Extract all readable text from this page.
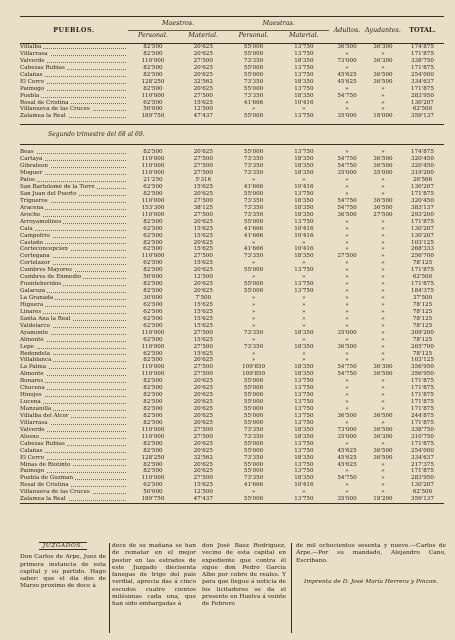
PUEBLOS.
Maestros.
Personal.	Material.
Maestras.
Personal.	Material.
Adultos. Ayudantes.	TOTAL.
Villalba	82'500	20'625	55'000	13'750	36'500	36'300	174'875
Villarrasa	82'500	20'625	55'000	13'750	»	»	171'875
Valverde	110'000	27'500	73'350	18'350	73'000	36'300	338'750
Cabezas Rubias	82'500	20'625	55'000	13'750	»	»	171'875
Calañas	82'500	20'625	55'000	13'750	45'625	36'500	254'000
El Cerro	128'250	32'562	73'350	18'350	45'625	36'500	334'637
Paimogo	82'500	20'625	55'000	13'750	»	»	171'875
Puebla	110'000	27'500	73'350	18'350	54'750	»	283'950
Rosal de Cristina	62'500	15'625	41'666	10'416	»	»	130'207
Villanueva de las Cruces	50'000	12'500	»	»	»	»	62'500
Zalamea la Real	189'750	47'437	55'000	13'750	35'000	18'000	359'137
Segundo trimestre del 68 al 69.
Beas	82'500	20'625	55'000	13'750	»	»	174'875
Cartaya	110'000	27'500	73'350	18'350	54'750	36'500	320'450
Gibraleon	110'000	27'500	73'350	18'350	54'750	36'500	320'450
Moguer	110'000	27'500	73'350	18'350	35'000	35'000	319'200
Palos	21'250	5'316	»	»	»	»	26'566
San Bartolomé de la Torre	62'500	15'625	41'666	10'416	»	»	130'207
San Juan del Puerto	82'500	20'625	55'000	13'750	»	»	171'875
Trigueros	110'000	27'500	73'350	18'350	54'750	36'500	320'450
Aracena	153'300	38'125	73'350	18'350	54'750	36'500	383'137
Aroche	110'000	27'500	73'350	18'350	36'500	27'500	293'200
Arroyamolinos	82'500	20'625	55'000	13'750	»	»	171'875
Cala	62'500	15'625	41'666	10'416	»	»	130'207
Campofrio	62'500	15'625	41'666	10'416	»	»	130'207
Castaño	82'500	20'625	»	»	»	»	103'125
Corteconcepcion	62'500	15'625	41'666	10'416	»	»	268'333
Cortegana	110'000	27'500	73'350	18'350	27'500	»	256'700
Cortelazor	62'500	15'625	»	»	»	»	78'125
Cumbres Mayores	82'500	20'625	55'000	13'750	»	»	171'875
Cumbres de Enmedio	50'000	12'500	»	»	»	»	62'500
Fuenteheridos	82'500	20'625	55'000	13'750	»	»	171'875
Galaroza	82'500	20'625	55'000	13'750	»	»	184'375
La Granada	30'000	7'500	»	»	»	»	37'500
Higuera	62'500	15'625	»	»	»	»	78'125
Linares	62'500	15'625	»	»	»	»	78'125
Santa Ana la Real	62'500	15'625	»	»	»	»	78'125
Valdelarco	62'500	15'625	»	»	»	»	78'125
Ayamonte	110'000	27'500	73'350	18'350	35'000	»	309'200
Almonte	62'500	15'625	»	»	»	»	78'125
Lepe	110'000	27'500	73'350	18'350	36'500	»	265'700
Redondela	62'500	15'625	»	»	»	»	78'125
Villablanca	82'500	20'625	»	»	»	»	103'125
La Palma	110'000	27'500	109'850	18'350	54'750	36'300	356'950
Almonte	110'000	27'500	109'850	18'350	54'750	36'500	356'950
Bonares	82'500	20'625	55'000	13'750	»	»	171'875
Chucena	82'500	20'625	55'000	13'750	»	»	171'875
Hinojos	82'500	20'625	55'000	13'750	»	»	171'875
Lucena	82'500	20'625	55'000	13'750	»	»	171'875
Manzanilla	82'500	20'625	55'000	13'750	»	»	171'875
Villalba del Alcor	82'500	20'625	55'000	13'750	36'500	36'500	244'875
Villarrasa	82'500	20'625	55'000	13'750	»	»	171'875
Valverde	110'000	27'500	73'350	18'350	73'000	36'500	338'750
Alosno	110'000	27'500	73'350	18'350	35'000	36'300	310'750
Cabezas Rubias	82'500	20'625	55'000	13'750	»	»	171'875
Calañas	82'500	20'625	55'000	13'750	45'625	36'500	254'000
El Cerro	128'250	32'562	73'350	18'350	45'625	36'500	334'637
Minas de Riotinto	82'500	20'625	55'000	13'750	45'625	»	217'375
Paimogo	82'500	20'625	55'000	13'750	»	»	171'875
Puebla de Guzman	110'000	27'500	73'350	18'350	54'750	»	283'950
Rosal de Cristina	62'500	15'625	41'666	10'416	»	»	130'207
Villanueva de las Cruces	50'000	12'500	»	»	»	»	62'500
Zalamea la Real	189'750	47'437	55'000	13'750	35'000	18'200	359'137
JUZGADOS.
Don Carlos de Arpe, Juez de primera instancia de esta capital y su partido. Hago saber: que el dia dos de Marzo proximo de doce á
doce de su mañana se han de rematar en el mejor postor en las estrados de este Juzgado diecisenta fanegas de trigo del pais verdial, aprecia das á cinco escudos cuatro cientos milésimas cada una, que han sido embargadas á
don José Baez Rodriguez, vecino de esta capital en expediente que contra él sigue don Pedro Garcia Albo por cobro de reales. Y para que llegue á noticia de los licitadores se da el presente en Huelva á veinte de Febrero
de mil ochocientos sesenta y nueve.—Carlos de Arpe.—Por su mandado, Alejandro Cano, Escribano.
Imprenta de D. José María Herrera y Pinzon.
